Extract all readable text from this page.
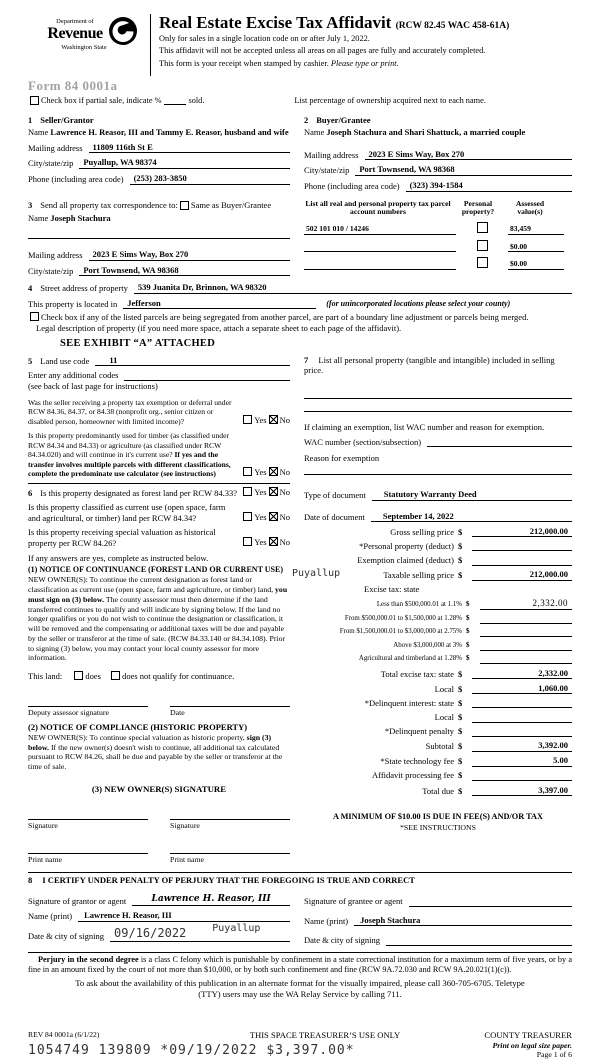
Department of
Revenue
Washington State
Real Estate Excise Tax Affidavit (RCW 82.45 WAC 458-61A)
Only for sales in a single location code on or after July 1, 2022.
This affidavit will not be accepted unless all areas on all pages are fully and accurately completed.
This form is your receipt when stamped by cashier. Please type or print.
Form 84 0001a
Check box if partial sale, indicate %	sold.	List percentage of ownership acquired next to each name.
1 Seller/Grantor
Name Lawrence H. Reasor, III and Tammy E. Reasor, husband and wife
Mailing address	11809 116th St E
City/state/zip	Puyallup, WA 98374
Phone (including area code)	(253) 283-3850
2 Buyer/Grantee
Name Joseph Stachura and Shari Shattuck, a married couple
Mailing address	2023 E Sims Way, Box 270
City/state/zip	Port Townsend, WA 98368
Phone (including area code)	(323) 394-1584
3 Send all property tax correspondence to: Same as Buyer/Grantee
Name Joseph Stachura
Mailing address	2023 E Sims Way, Box 270
City/state/zip	Port Townsend, WA 98368
List all real and personal property tax parcel account numbers
Personal property?
Assessed value(s)
502 101 010 / 14246	83,459
$0.00
$0.00
4 Street address of property	539 Juanita Dr, Brinnon, WA 98320
This property is located in	Jefferson	(for unincorporated locations please select your county)
Check box if any of the listed parcels are being segregated from another parcel, are part of a boundary line adjustment or parcels being merged.
Legal description of property (if you need more space, attach a separate sheet to each page of the affidavit).
SEE EXHIBIT “A” ATTACHED
5 Land use code	11
Enter any additional codes
(see back of last page for instructions)
Was the seller receiving a property tax exemption or deferral under RCW 84.36, 84.37, or 84.38 (nonprofit org., senior citizen or disabled person, homeowner with limited income)?	Yes No
Is this property predominantly used for timber (as classified under RCW 84.34 and 84.33) or agriculture (as classified under RCW 84.34.020) and will continue in it's current use? If yes and the transfer involves multiple parcels with different classifications, complete the predominate use calculator (see instructions)	Yes No
6 Is this property designated as forest land per RCW 84.33?	Yes No
Is this property classified as current use (open space, farm and agricultural, or timber) land per RCW 84.34?	Yes No
Is this property receiving special valuation as historical property per RCW 84.26?	Yes No
If any answers are yes, complete as instructed below.
(1) NOTICE OF CONTINUANCE (FOREST LAND OR CURRENT USE)
NEW OWNER(S): To continue the current designation as forest land or classification as current use (open space, farm and agriculture, or timber) land, you must sign on (3) below. The county assessor must then determine if the land transferred continues to qualify and will indicate by signing below. If the land no longer qualifies or you do not wish to continue the designation or classification, it will be removed and the compensating or additional taxes will be due and payable by the seller or transferor at the time of sale. (RCW 84.33.140 or 84.34.108). Prior to signing (3) below, you may contact your local county assessor for more information.
This land:	does does not qualify for continuance.
Deputy assessor signature	Date
(2) NOTICE OF COMPLIANCE (HISTORIC PROPERTY)
NEW OWNER(S): To continue special valuation as historic property, sign (3) below. If the new owner(s) doesn't wish to continue, all additional tax calculated pursuant to RCW 84.26, shall be due and payable by the seller or transferor at the time of sale.
(3) NEW OWNER(S) SIGNATURE
Signature	Signature
Print name	Print name
7 List all personal property (tangible and intangible) included in selling price.
If claiming an exemption, list WAC number and reason for exemption.
WAC number (section/subsection)
Reason for exemption
Type of document	Statutory Warranty Deed
Date of document	September 14, 2022
Puyallup
Gross selling price $	212,000.00
*Personal property (deduct) $
Exemption claimed (deduct) $
Taxable selling price $	212,000.00
Excise tax: state
Less than $500,000.01 at 1.1% $	2,332.00
From $500,000.01 to $1,500,000 at 1.28% $
From $1,500,000.01 to $3,000,000 at 2.75% $
Above $3,000,000 at 3% $
Agricultural and timberland at 1.28% $
Total excise tax: state $	2,332.00
Local $	1,060.00
*Delinquent interest: state $
Local $
*Delinquent penalty $
Subtotal $	3,392.00
*State technology fee $	5.00
Affidavit processing fee $
Total due $	3,397.00
A MINIMUM OF $10.00 IS DUE IN FEE(S) AND/OR TAX
*SEE INSTRUCTIONS
8 I CERTIFY UNDER PENALTY OF PERJURY THAT THE FOREGOING IS TRUE AND CORRECT
Signature of grantor or agent	Lawrence H. Reasor, III
Name (print)	Lawrence H. Reasor, III
Date & city of signing 09/16/2022	Puyallup
Signature of grantee or agent
Name (print)	Joseph Stachura
Date & city of signing
Perjury in the second degree is a class C felony which is punishable by confinement in a state correctional institution for a maximum term of five years, or by a fine in an amount fixed by the court of not more than $10,000, or by both such confinement and fine (RCW 9A.72.030 and RCW 9A.20.021(1)(c)).
To ask about the availability of this publication in an alternate format for the visually impaired, please call 360-705-6705. Teletype
(TTY) users may use the WA Relay Service by calling 711.
REV 84 0001a (6/1/22)	THIS SPACE TREASURER’S USE ONLY	COUNTY TREASURER
1054749 139809 *09/19/2022 $3,397.00*	Print on legal size paper.
Page 1 of 6
